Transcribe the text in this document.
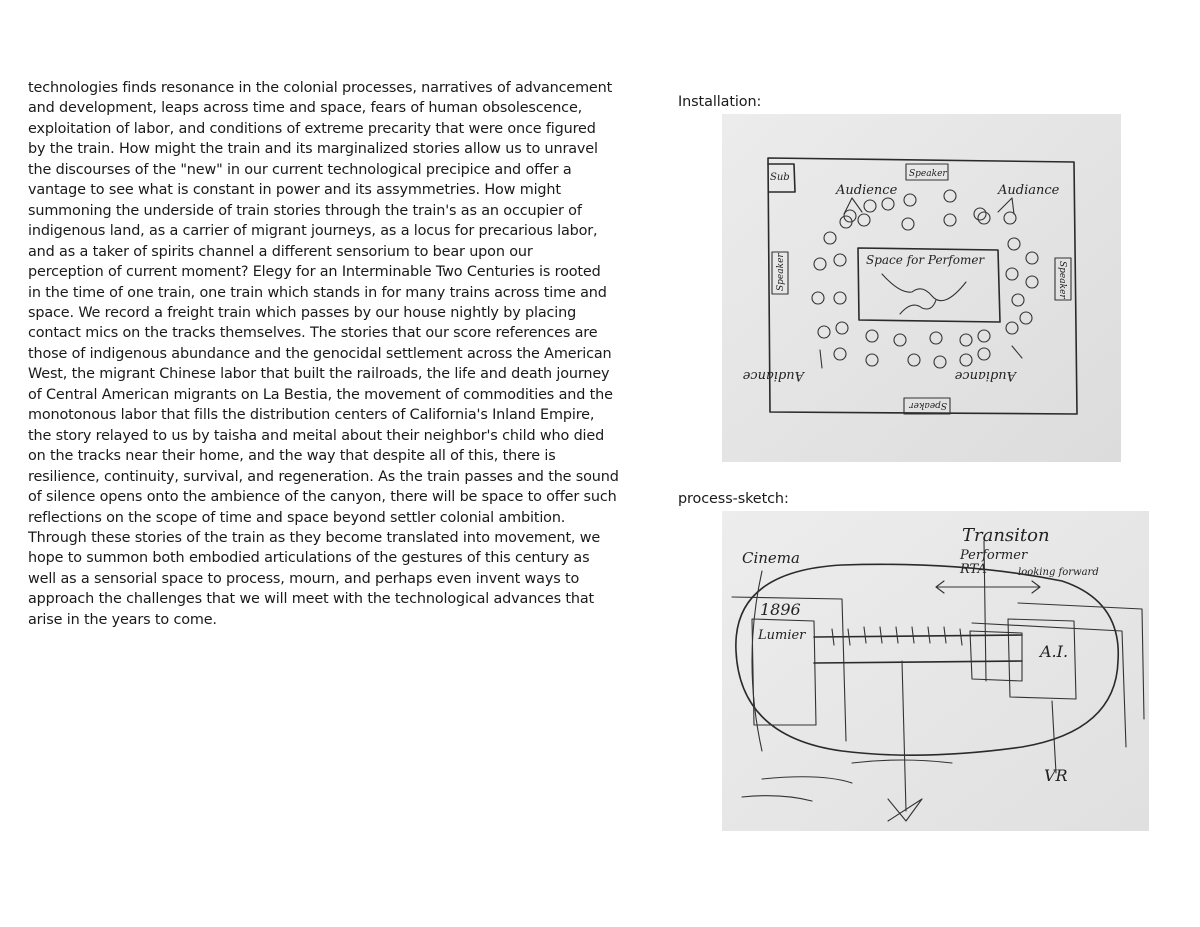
technologies finds resonance in the colonial processes, narratives of advancement
and development, leaps across time and space, fears of human obsolescence,
exploitation of labor, and conditions of extreme precarity that were once figured
by the train. How might the train and its marginalized stories allow us to unravel
the discourses of the "new" in our current technological precipice and offer a
vantage to see what is constant in power and its assymmetries. How might
summoning the underside of train stories through the train's as an occupier of
indigenous land, as a carrier of migrant journeys, as a locus for precarious labor,
and as a taker of spirits channel a different sensorium to bear upon our
perception of current moment? Elegy for an Interminable Two Centuries is rooted
in the time of one train, one train which stands in for many trains across time and
space. We record a freight train which passes by our house nightly by placing
contact mics on the tracks themselves. The stories that our score references are
those of indigenous abundance and the genocidal settlement across the American
West, the migrant Chinese labor that built the railroads, the life and death journey
of Central American migrants on La Bestia, the movement of commodities and the
monotonous labor that fills the distribution centers of California's Inland Empire,
the story relayed to us by taisha and meital about their neighbor's child who died
on the tracks near their home, and the way that despite all of this, there is
resilience, continuity, survival, and regeneration. As the train passes and the sound
of silence opens onto the ambience of the canyon, there will be space to offer such
reflections on the scope of time and space beyond settler colonial ambition.
Through these stories of the train as they become translated into movement, we
hope to summon both embodied articulations of the gestures of this century as
well as a sensorial space to process, mourn, and perhaps even invent ways to
approach the challenges that we will meet with the technological advances that
arise in the years to come.
Installation:
Sub	Speaker
Speaker	Speaker
Speaker
Audience	Audiance
Audiance	Audiance
Space for Perfomer
process-sketch:
Cinema
Transiton
Performer
RTA	looking forward
1896
Lumier
A.I.
VR
